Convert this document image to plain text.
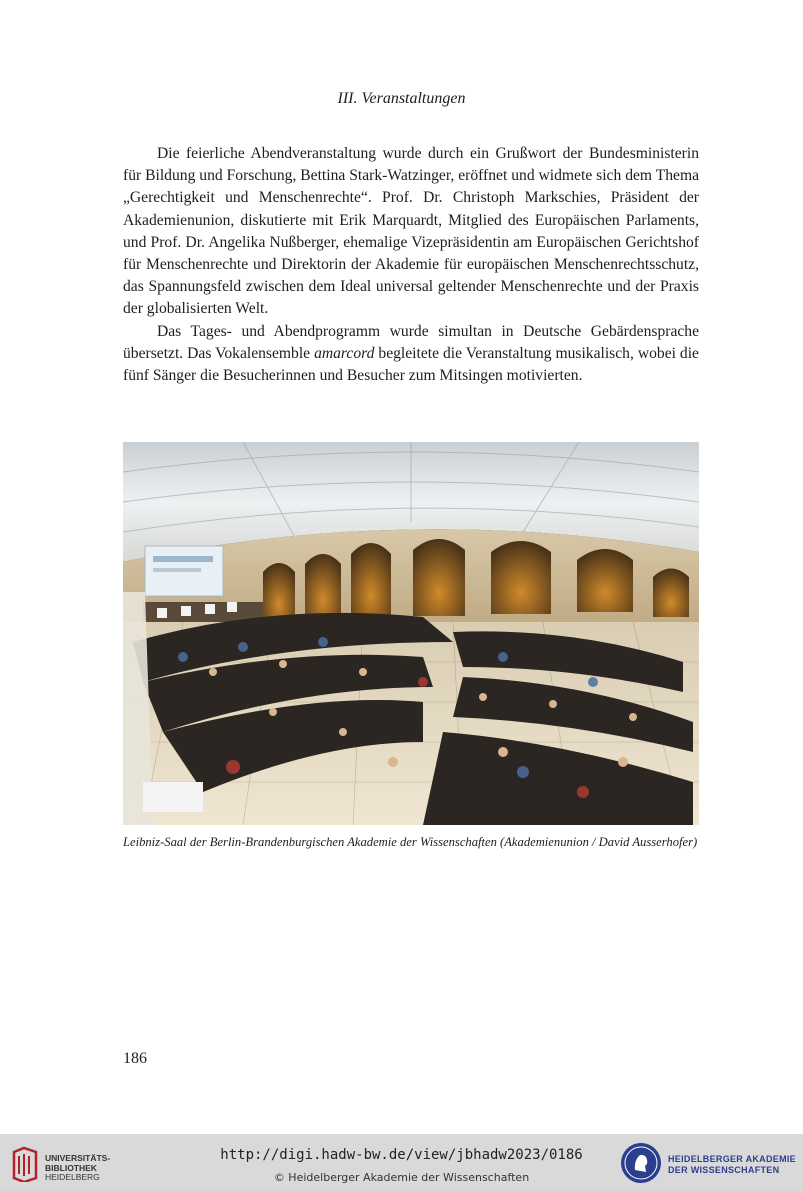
III. Veranstaltungen

Die feierliche Abendveranstaltung wurde durch ein Grußwort der Bundesministerin für Bildung und Forschung, Bettina Stark-Watzinger, eröffnet und widmete sich dem Thema „Gerechtigkeit und Menschenrechte“. Prof. Dr. Christoph Markschies, Präsident der Akademienunion, diskutierte mit Erik Marquardt, Mitglied des Europäischen Parlaments, und Prof. Dr. Angelika Nußberger, ehemalige Vizepräsidentin am Europäischen Gerichtshof für Menschenrechte und Direktorin der Akademie für europäischen Menschenrechtsschutz, das Spannungsfeld zwischen dem Ideal universal geltender Menschenrechte und der Praxis der globalisierten Welt.

Das Tages- und Abendprogramm wurde simultan in Deutsche Gebärdensprache übersetzt. Das Vokalensemble amarcord begleitete die Veranstaltung musikalisch, wobei die fünf Sänger die Besucherinnen und Besucher zum Mitsingen motivierten.

Leibniz-Saal der Berlin-Brandenburgischen Akademie der Wissenschaften (Akademienunion / David Ausserhofer)
186
UNIVERSITÄTS-
BIBLIOTHEK
HEIDELBERG
http://digi.hadw-bw.de/view/jbhadw2023/0186
© Heidelberger Akademie der Wissenschaften
HEIDELBERGER AKADEMIE
DER WISSENSCHAFTEN
